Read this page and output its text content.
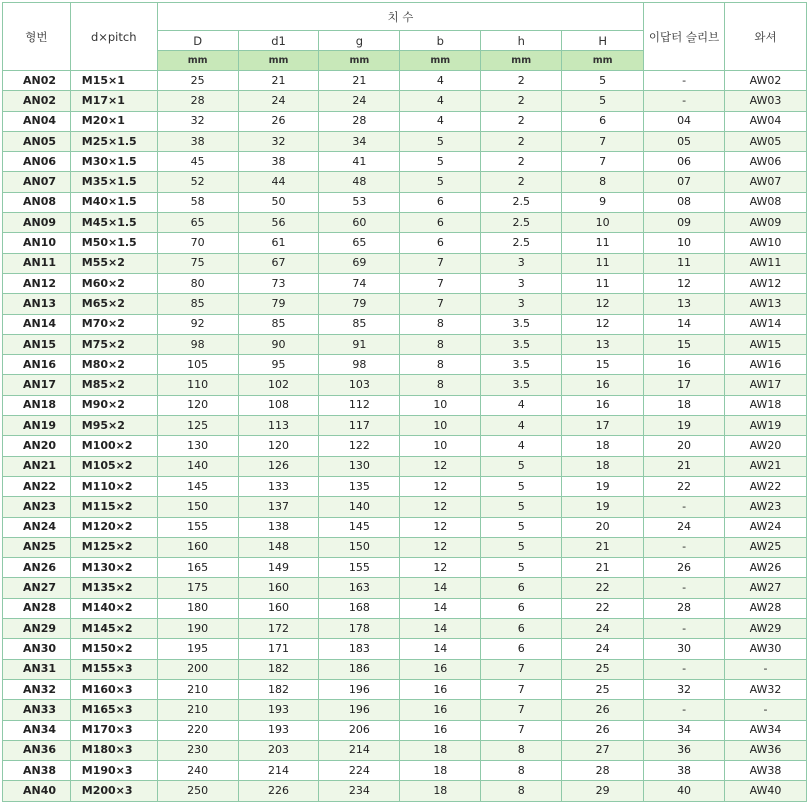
형번	d×pitch	치 수						이답터 슬리브	와셔
		D	d1	g	b	h	H		
		mm	mm	mm	mm	mm	mm		
AN02	M15×1	25	21	21	4	2	5	-	AW02
AN02	M17×1	28	24	24	4	2	5	-	AW03
AN04	M20×1	32	26	28	4	2	6	04	AW04
AN05	M25×1.5	38	32	34	5	2	7	05	AW05
AN06	M30×1.5	45	38	41	5	2	7	06	AW06
AN07	M35×1.5	52	44	48	5	2	8	07	AW07
AN08	M40×1.5	58	50	53	6	2.5	9	08	AW08
AN09	M45×1.5	65	56	60	6	2.5	10	09	AW09
AN10	M50×1.5	70	61	65	6	2.5	11	10	AW10
AN11	M55×2	75	67	69	7	3	11	11	AW11
AN12	M60×2	80	73	74	7	3	11	12	AW12
AN13	M65×2	85	79	79	7	3	12	13	AW13
AN14	M70×2	92	85	85	8	3.5	12	14	AW14
AN15	M75×2	98	90	91	8	3.5	13	15	AW15
AN16	M80×2	105	95	98	8	3.5	15	16	AW16
AN17	M85×2	110	102	103	8	3.5	16	17	AW17
AN18	M90×2	120	108	112	10	4	16	18	AW18
AN19	M95×2	125	113	117	10	4	17	19	AW19
AN20	M100×2	130	120	122	10	4	18	20	AW20
AN21	M105×2	140	126	130	12	5	18	21	AW21
AN22	M110×2	145	133	135	12	5	19	22	AW22
AN23	M115×2	150	137	140	12	5	19	-	AW23
AN24	M120×2	155	138	145	12	5	20	24	AW24
AN25	M125×2	160	148	150	12	5	21	-	AW25
AN26	M130×2	165	149	155	12	5	21	26	AW26
AN27	M135×2	175	160	163	14	6	22	-	AW27
AN28	M140×2	180	160	168	14	6	22	28	AW28
AN29	M145×2	190	172	178	14	6	24	-	AW29
AN30	M150×2	195	171	183	14	6	24	30	AW30
AN31	M155×3	200	182	186	16	7	25	-	-
AN32	M160×3	210	182	196	16	7	25	32	AW32
AN33	M165×3	210	193	196	16	7	26	-	-
AN34	M170×3	220	193	206	16	7	26	34	AW34
AN36	M180×3	230	203	214	18	8	27	36	AW36
AN38	M190×3	240	214	224	18	8	28	38	AW38
AN40	M200×3	250	226	234	18	8	29	40	AW40
